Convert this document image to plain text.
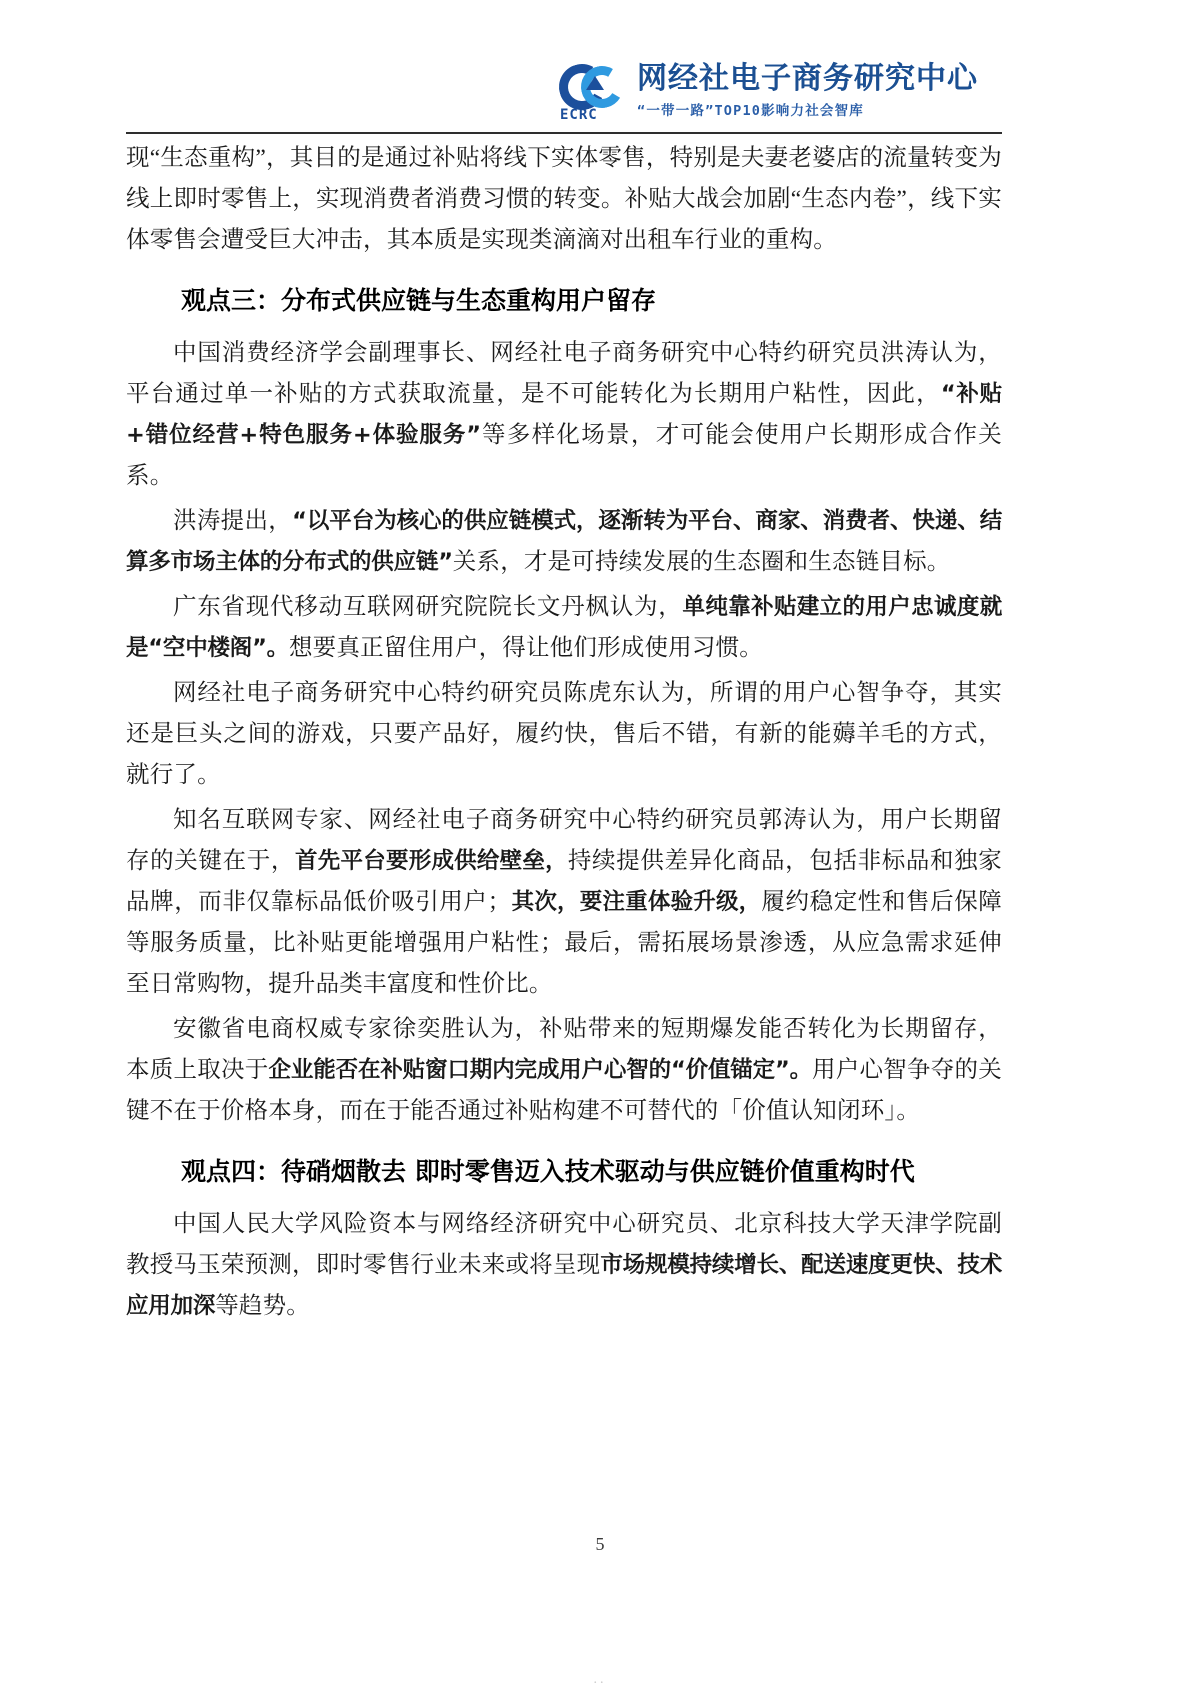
ECRC
网经社电子商务研究中心
“一带一路”TOP10影响力社会智库

现“生态重构”，其目的是通过补贴将线下实体零售，特别是夫妻老婆店的流量转变为线上即时零售上，实现消费者消费习惯的转变。补贴大战会加剧“生态内卷”，线下实体零售会遭受巨大冲击，其本质是实现类滴滴对出租车行业的重构。

观点三：分布式供应链与生态重构用户留存

中国消费经济学会副理事长、网经社电子商务研究中心特约研究员洪涛认为，平台通过单一补贴的方式获取流量，是不可能转化为长期用户粘性，因此，“补贴+错位经营+特色服务+体验服务”等多样化场景，才可能会使用户长期形成合作关系。

洪涛提出，“以平台为核心的供应链模式，逐渐转为平台、商家、消费者、快递、结算多市场主体的分布式的供应链”关系，才是可持续发展的生态圈和生态链目标。

广东省现代移动互联网研究院院长文丹枫认为，单纯靠补贴建立的用户忠诚度就是“空中楼阁”。想要真正留住用户，得让他们形成使用习惯。

网经社电子商务研究中心特约研究员陈虎东认为，所谓的用户心智争夺，其实还是巨头之间的游戏，只要产品好，履约快，售后不错，有新的能薅羊毛的方式，就行了。

知名互联网专家、网经社电子商务研究中心特约研究员郭涛认为，用户长期留存的关键在于，首先平台要形成供给壁垒，持续提供差异化商品，包括非标品和独家品牌，而非仅靠标品低价吸引用户；其次，要注重体验升级，履约稳定性和售后保障等服务质量，比补贴更能增强用户粘性；最后，需拓展场景渗透，从应急需求延伸至日常购物，提升品类丰富度和性价比。

安徽省电商权威专家徐奕胜认为，补贴带来的短期爆发能否转化为长期留存，本质上取决于企业能否在补贴窗口期内完成用户心智的“价值锚定”。用户心智争夺的关键不在于价格本身，而在于能否通过补贴构建不可替代的「价值认知闭环」。

观点四：待硝烟散去 即时零售迈入技术驱动与供应链价值重构时代

中国人民大学风险资本与网络经济研究中心研究员、北京科技大学天津学院副教授马玉荣预测，即时零售行业未来或将呈现市场规模持续增长、配送速度更快、技术应用加深等趋势。

5
..
